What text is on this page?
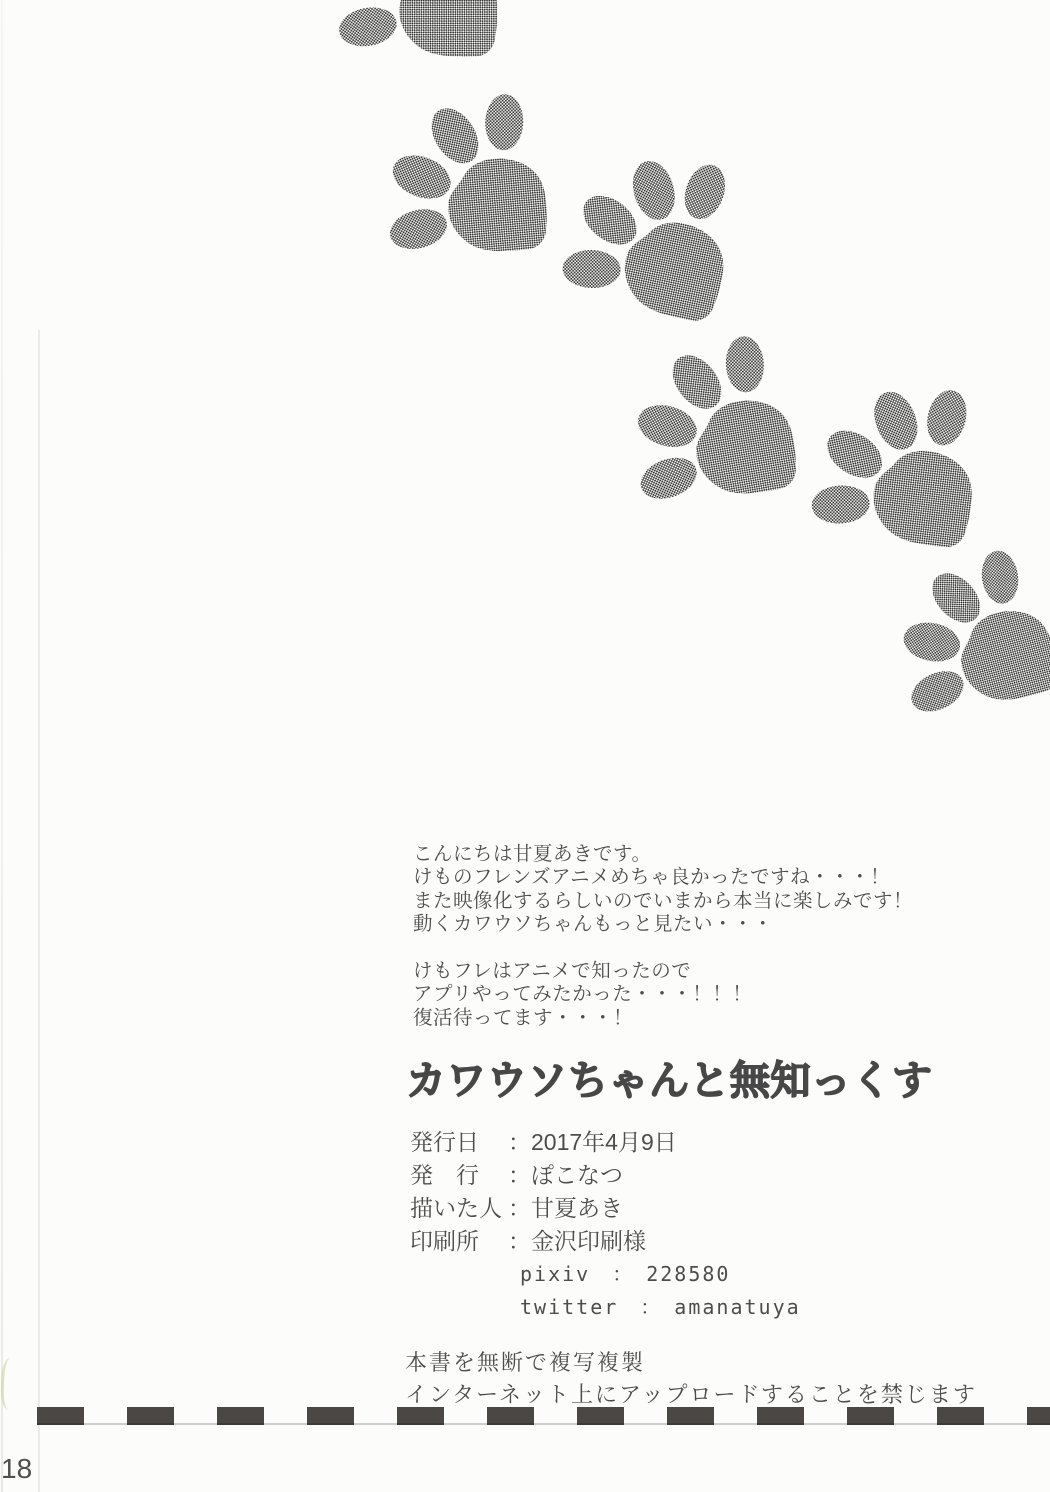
こんにちは甘夏あきです。
けものフレンズアニメめちゃ良かったですね・・・！
また映像化するらしいのでいまから本当に楽しみです！
動くカワウソちゃんもっと見たい・・・
けもフレはアニメで知ったので
アプリやってみたかった・・・！！！
復活待ってます・・・！
カワウソちゃんと無知っくす
発行日	： 2017年4月9日
発　行	： ぽこなつ
描いた人 ： 甘夏あき
印刷所	： 金沢印刷様
pixiv　：　228580
twitter　：　amanatuya
本書を無断で複写複製
インターネット上にアップロードすることを禁じます
18
